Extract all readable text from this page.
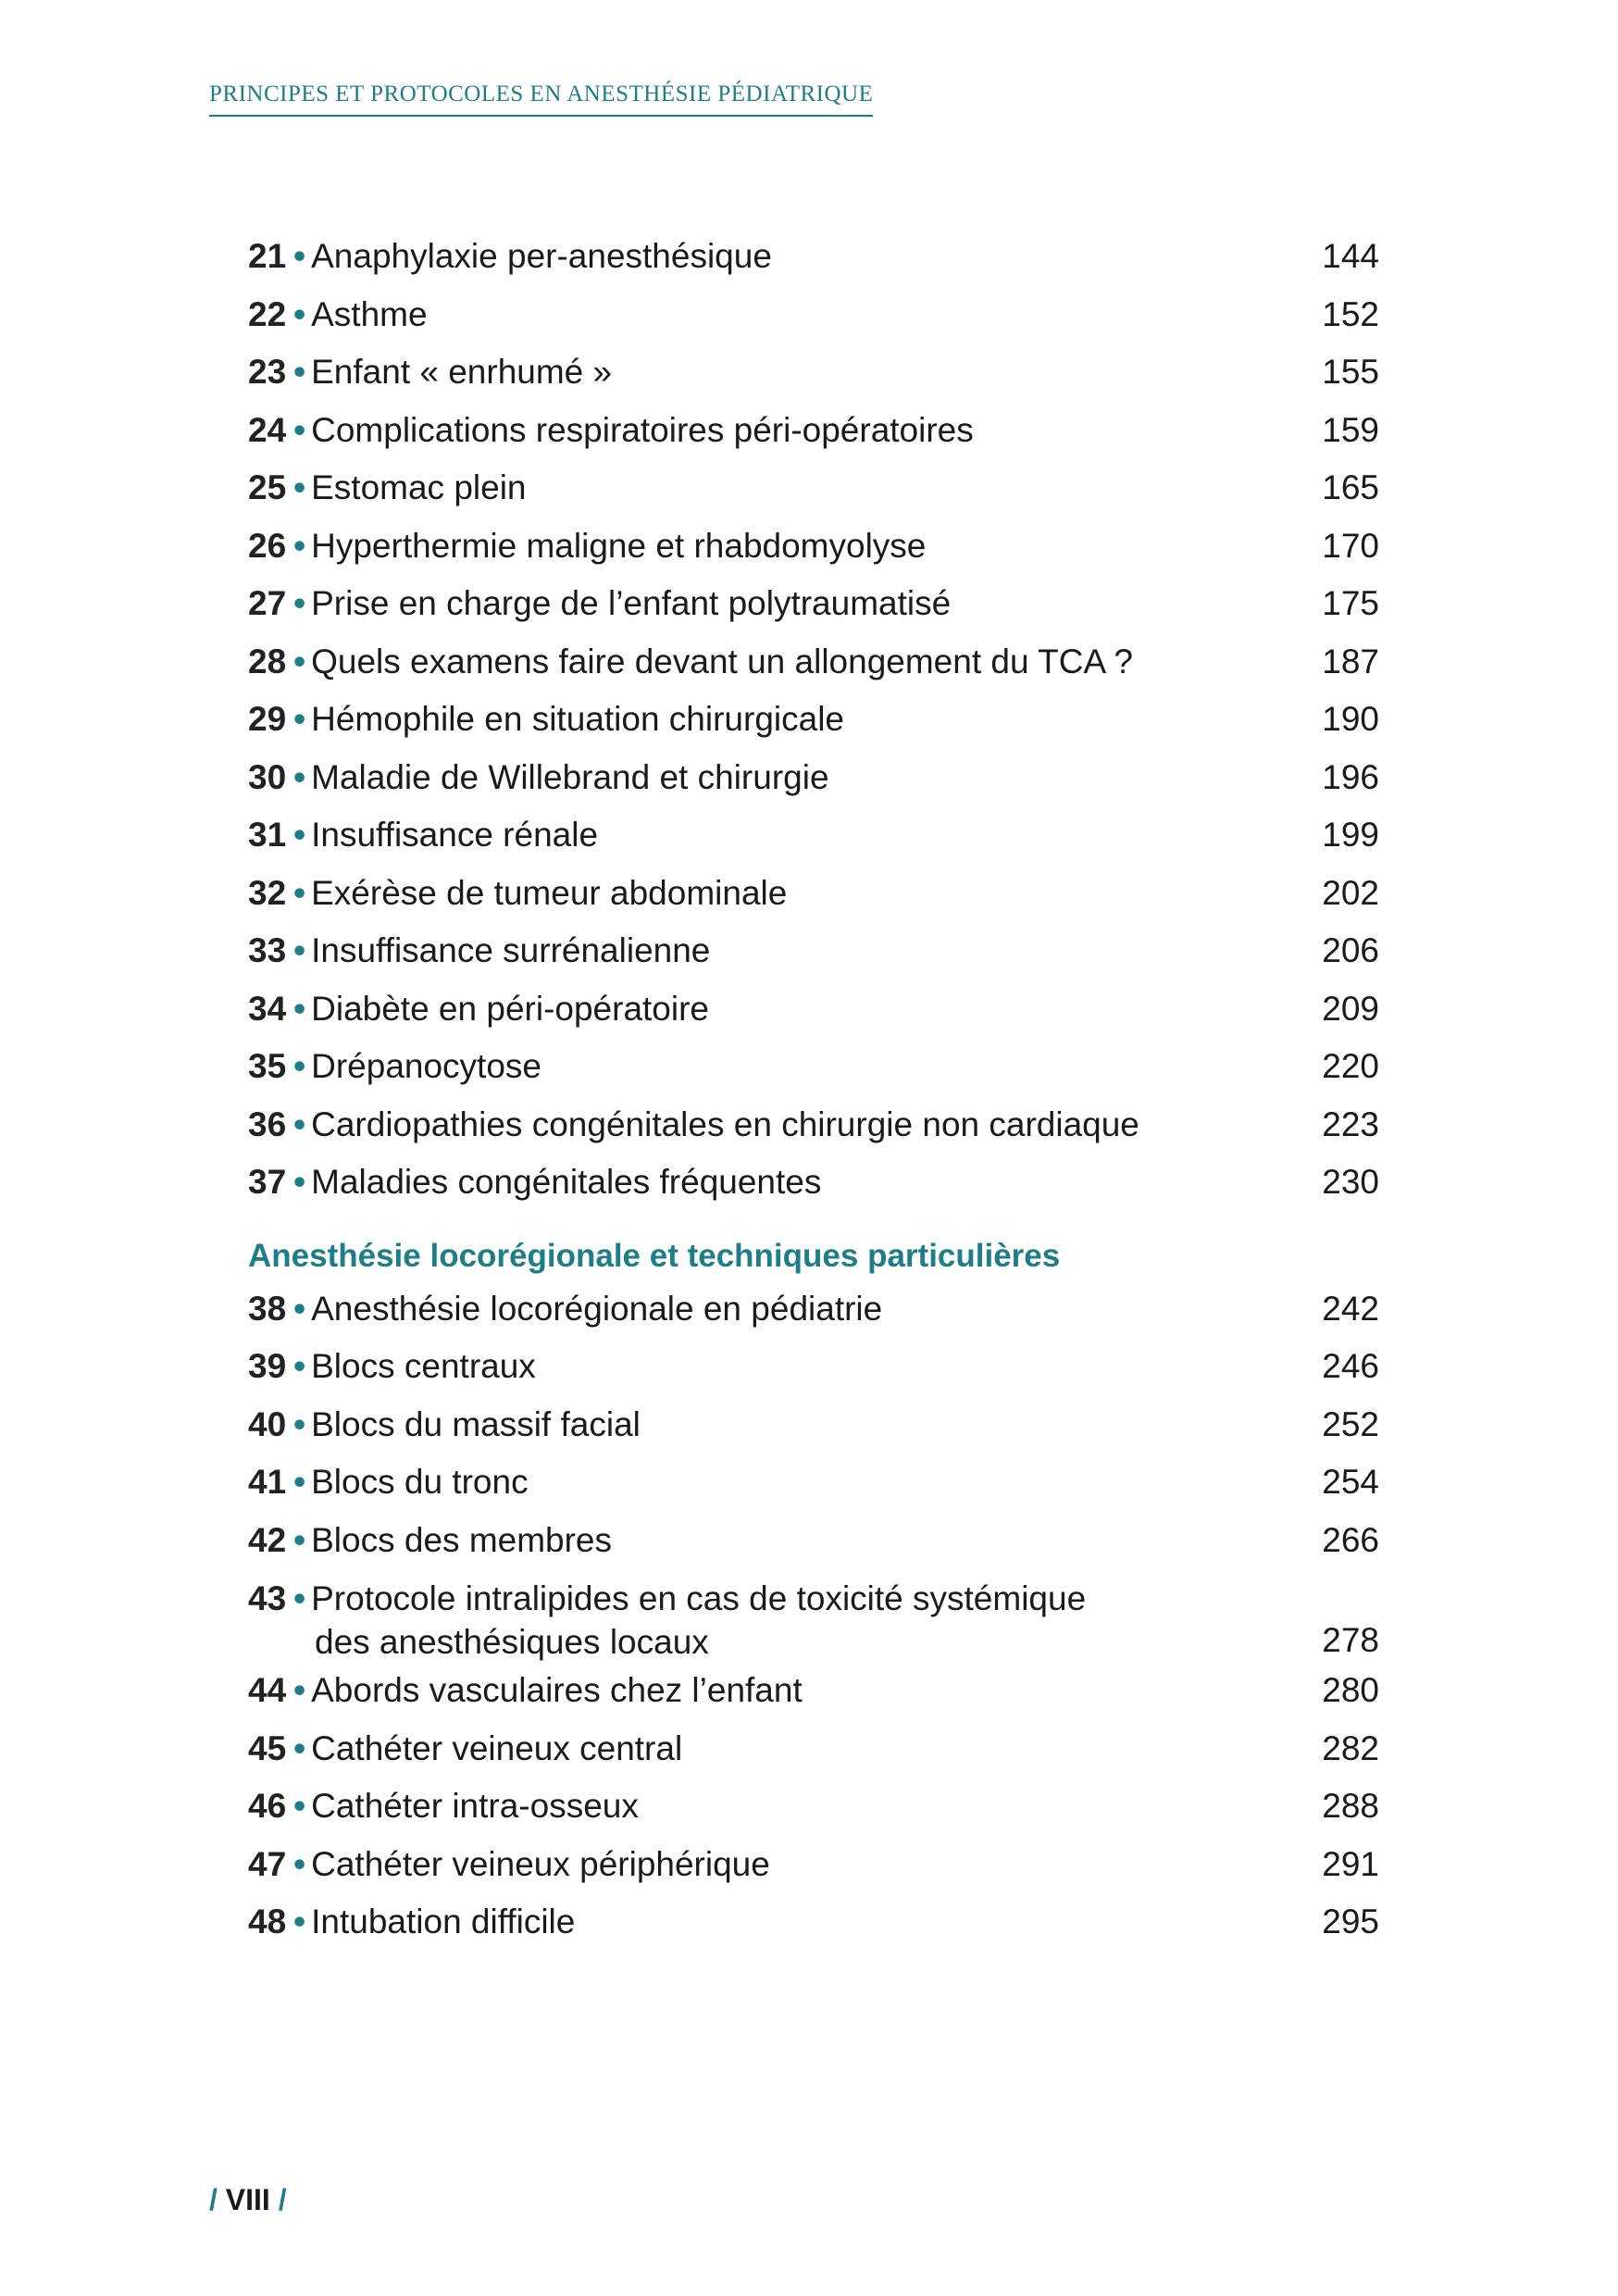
PRINCIPES ET PROTOCOLES EN ANESTHÉSIE PÉDIATRIQUE
21 • Anaphylaxie per-anesthésique	144
22 • Asthme	152
23 • Enfant « enrhumé »	155
24 • Complications respiratoires péri-opératoires	159
25 • Estomac plein	165
26 • Hyperthermie maligne et rhabdomyolyse	170
27 • Prise en charge de l’enfant polytraumatisé	175
28 • Quels examens faire devant un allongement du TCA ?	187
29 • Hémophile en situation chirurgicale	190
30 • Maladie de Willebrand et chirurgie	196
31 • Insuffisance rénale	199
32 • Exérèse de tumeur abdominale	202
33 • Insuffisance surrénalienne	206
34 • Diabète en péri-opératoire	209
35 • Drépanocytose	220
36 • Cardiopathies congénitales en chirurgie non cardiaque	223
37 • Maladies congénitales fréquentes	230
Anesthésie locorégionale et techniques particulières
38 • Anesthésie locorégionale en pédiatrie	242
39 • Blocs centraux	246
40 • Blocs du massif facial	252
41 • Blocs du tronc	254
42 • Blocs des membres	266
43 • Protocole intralipides en cas de toxicité systémique
des anesthésiques locaux	278
44 • Abords vasculaires chez l’enfant	280
45 • Cathéter veineux central	282
46 • Cathéter intra-osseux	288
47 • Cathéter veineux périphérique	291
48 • Intubation difficile	295
/ VIII /
